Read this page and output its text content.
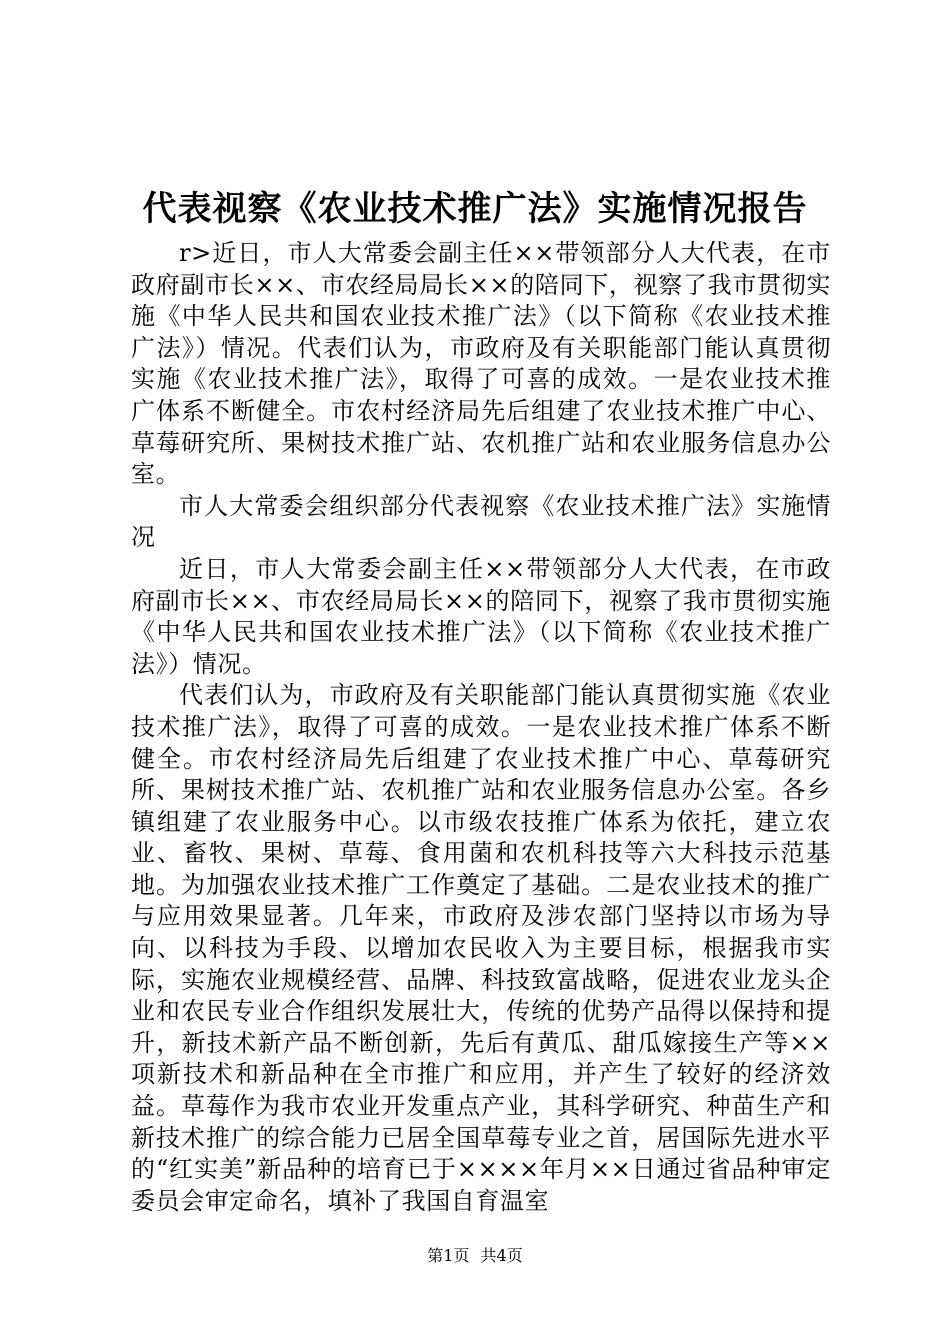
代表视察《农业技术推广法》实施情况报告

r>近日，市人大常委会副主任××带领部分人大代表，在市政府副市长××、市农经局局长××的陪同下，视察了我市贯彻实施《中华人民共和国农业技术推广法》（以下简称《农业技术推广法》）情况。代表们认为，市政府及有关职能部门能认真贯彻实施《农业技术推广法》，取得了可喜的成效。一是农业技术推广体系不断健全。市农村经济局先后组建了农业技术推广中心、草莓研究所、果树技术推广站、农机推广站和农业服务信息办公室。

市人大常委会组织部分代表视察《农业技术推广法》实施情况

近日，市人大常委会副主任××带领部分人大代表，在市政府副市长××、市农经局局长××的陪同下，视察了我市贯彻实施《中华人民共和国农业技术推广法》（以下简称《农业技术推广法》）情况。

代表们认为，市政府及有关职能部门能认真贯彻实施《农业技术推广法》，取得了可喜的成效。一是农业技术推广体系不断健全。市农村经济局先后组建了农业技术推广中心、草莓研究所、果树技术推广站、农机推广站和农业服务信息办公室。各乡镇组建了农业服务中心。以市级农技推广体系为依托，建立农业、畜牧、果树、草莓、食用菌和农机科技等六大科技示范基地。为加强农业技术推广工作奠定了基础。二是农业技术的推广与应用效果显著。几年来，市政府及涉农部门坚持以市场为导向、以科技为手段、以增加农民收入为主要目标，根据我市实际，实施农业规模经营、品牌、科技致富战略，促进农业龙头企业和农民专业合作组织发展壮大，传统的优势产品得以保持和提升，新技术新产品不断创新，先后有黄瓜、甜瓜嫁接生产等××项新技术和新品种在全市推广和应用，并产生了较好的经济效益。草莓作为我市农业开发重点产业，其科学研究、种苗生产和新技术推广的综合能力已居全国草莓专业之首，居国际先进水平的“红实美”新品种的培育已于××××年月××日通过省品种审定委员会审定命名，填补了我国自育温室

第1页 共4页
